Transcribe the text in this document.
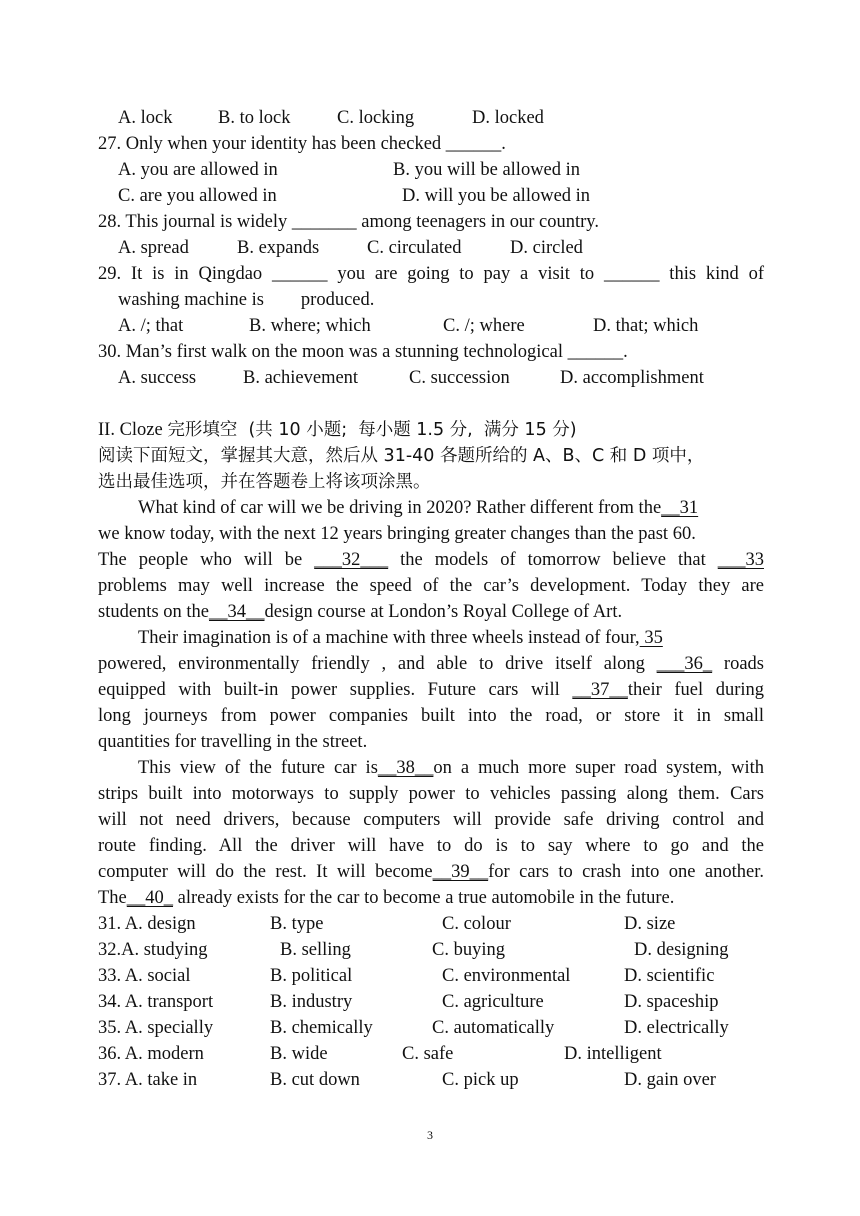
A. lock B. to lock	C. locking	D. locked
27. Only when your identity has been checked ______.
A. you are allowed in	B. you will be allowed in
C. are you allowed in	D. will you be allowed in
28. This journal is widely _______ among teenagers in our country.
A. spread	B. expands	C. circulated	D. circled
29. It is in Qingdao ______ you are going to pay a visit to ______ this kind of
washing machine is        produced.
A. /; that	B. where; which	C. /; where	D. that; which
30. Man’s first walk on the moon was a stunning technological ______.
A. success	B. achievement	C. succession	D. accomplishment
II. Cloze 完形填空  (共 10 小题;  每小题 1.5 分,  满分 15 分)
阅读下面短文，掌握其大意，然后从 31-40 各题所给的 A、B、C 和 D 项中，
选出最佳选项，并在答题卷上将该项涂黑。
What kind of car will we be driving in 2020? Rather different from the__31
we know today, with the next 12 years bringing greater changes than the past 60.
The people who will be ___32___ the models of tomorrow believe that ___33
problems may well increase the speed of the car’s development. Today they are
students on the__34__design course at London’s Royal College of Art.
Their imagination is of a machine with three wheels instead of four, 35
powered, environmentally friendly , and able to drive itself along ___36_ roads
equipped with built-in power supplies. Future cars will __37__their fuel during
long journeys from power companies built into the road, or store it in small
quantities for travelling in the street.
This view of the future car is__38__on a much more super road system, with
strips built into motorways to supply power to vehicles passing along them. Cars
will not need drivers, because computers will provide safe driving control and
route finding. All the driver will have to do is to say where to go and the
computer will do the rest. It will become__39__for cars to crash into one another.
The__40_ already exists for the car to become a true automobile in the future.
31. A. design	B. type	C. colour	D. size
32.A. studying	B. selling	C. buying	D. designing
33. A. social	B. political	C. environmental	D. scientific
34. A. transport	B. industry	C. agriculture	D. spaceship
35. A. specially	B. chemically	C. automatically	D. electrically
36. A. modern	B. wide	C. safe	D. intelligent
37. A. take in	B. cut down	C. pick up	D. gain over
3
